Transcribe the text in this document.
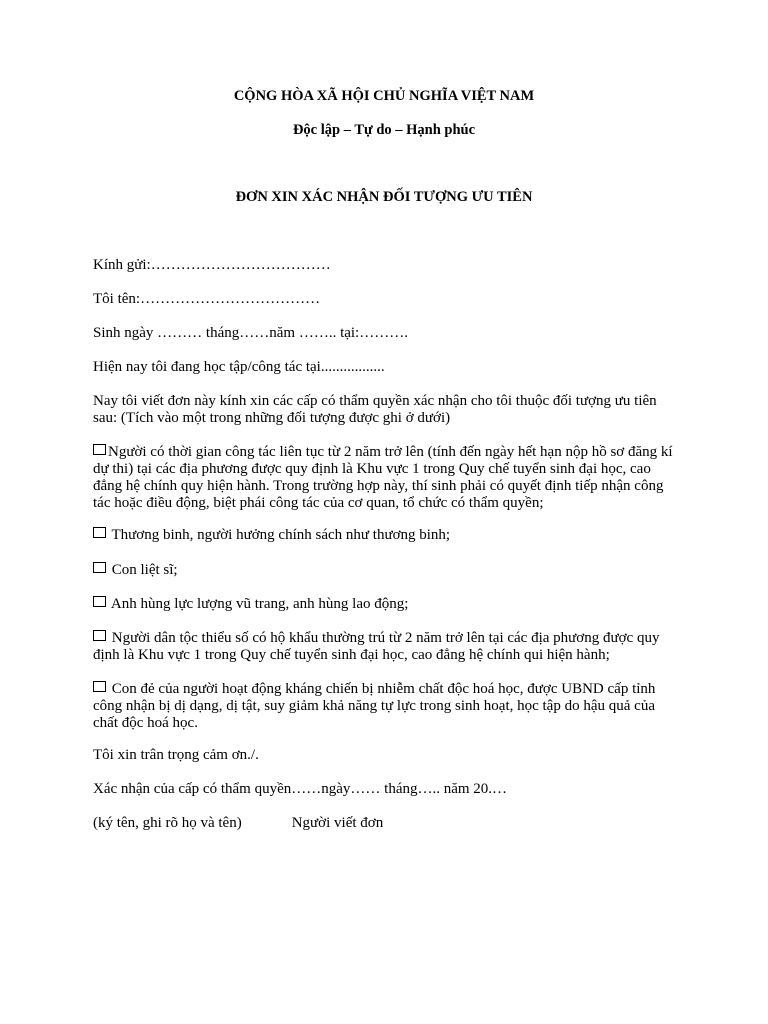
CỘNG HÒA XÃ HỘI CHỦ NGHĨA VIỆT NAM
Độc lập – Tự do – Hạnh phúc
ĐƠN XIN XÁC NHẬN ĐỐI TƯỢNG ƯU TIÊN
Kính gửi:………………………………
Tôi tên:………………………………
Sinh ngày ……… tháng……năm …….. tại:……….
Hiện nay tôi đang học tập/công tác tại.................
Nay tôi viết đơn này kính xin các cấp có thẩm quyền xác nhận cho tôi thuộc đối tượng ưu tiên sau: (Tích vào một trong những đối tượng được ghi ở dưới)
Người có thời gian công tác liên tục từ 2 năm trở lên (tính đến ngày hết hạn nộp hồ sơ đăng kí dự thi) tại các địa phương được quy định là Khu vực 1 trong Quy chế tuyển sinh đại học, cao đẳng hệ chính quy hiện hành. Trong trường hợp này, thí sinh phải có quyết định tiếp nhận công tác hoặc điều động, biệt phái công tác của cơ quan, tổ chức có thẩm quyền;
Thương binh, người hưởng chính sách như thương binh;
Con liệt sĩ;
Anh hùng lực lượng vũ trang, anh hùng lao động;
Người dân tộc thiểu số có hộ khẩu thường trú từ 2 năm trở lên tại các địa phương được quy định là Khu vực 1 trong Quy chế tuyển sinh đại học, cao đẳng hệ chính qui hiện hành;
Con đẻ của người hoạt động kháng chiến bị nhiễm chất độc hoá học, được UBND cấp tỉnh công nhận bị dị dạng, dị tật, suy giảm khả năng tự lực trong sinh hoạt, học tập do hậu quả của chất độc hoá học.
Tôi xin trân trọng cảm ơn./.
Xác nhận của cấp có thẩm quyền……ngày…… tháng….. năm 20.…
(ký tên, ghi rõ họ và tên)	Người viết đơn
